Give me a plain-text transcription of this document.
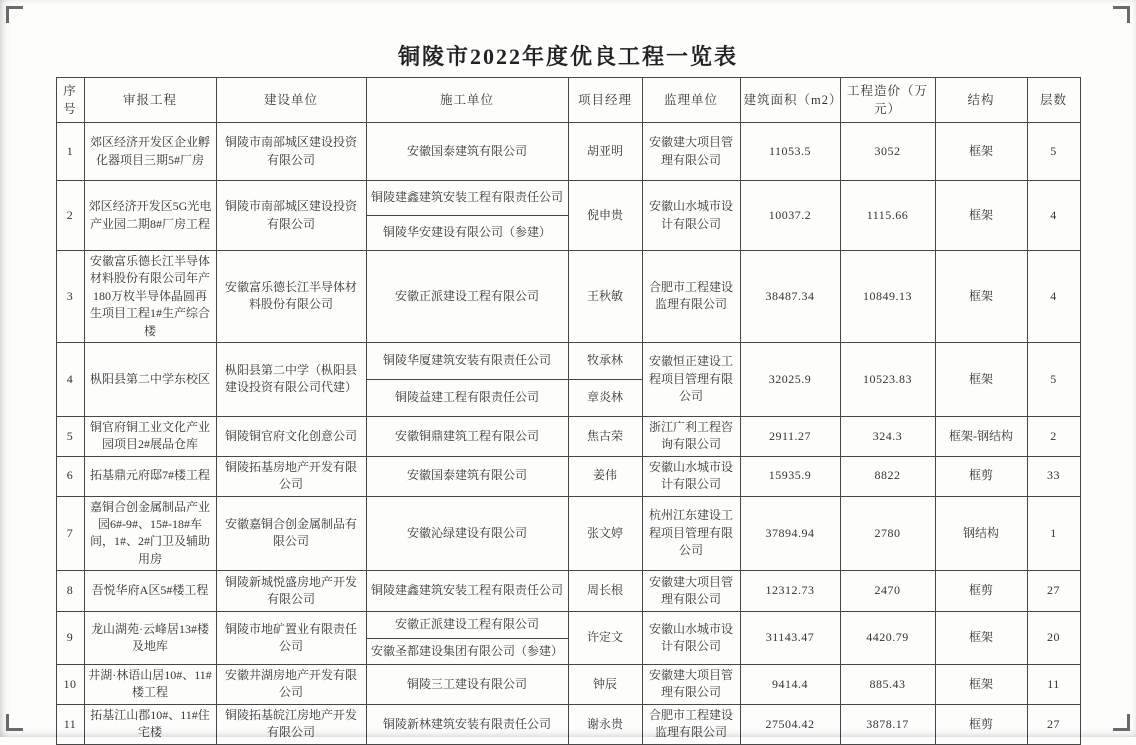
铜陵市2022年度优良工程一览表
序号	审报工程	建设单位	施工单位	项目经理	监理单位	建筑面积（m2）	工程造价（万元）	结构	层数
1	郊区经济开发区企业孵化器项目三期5#厂房	铜陵市南部城区建设投资有限公司	安徽国泰建筑有限公司	胡亚明	安徽建大项目管理有限公司	11053.5	3052	框架	5
2	郊区经济开发区5G光电产业园二期8#厂房工程	铜陵市南部城区建设投资有限公司	铜陵建鑫建筑安装工程有限责任公司	倪申贵	安徽山水城市设计有限公司	10037.2	1115.66	框架	4
			铜陵华安建设有限公司（参建）						
3	安徽富乐德长江半导体材料股份有限公司年产180万枚半导体晶圆再生项目工程1#生产综合楼	安徽富乐德长江半导体材料股份有限公司	安徽正派建设工程有限公司	王秋敏	合肥市工程建设监理有限公司	38487.34	10849.13	框架	4
4	枞阳县第二中学东校区	枞阳县第二中学（枞阳县建设投资有限公司代建）	铜陵华厦建筑安装有限责任公司	牧承林	安徽恒正建设工程项目管理有限公司	32025.9	10523.83	框架	5
			铜陵益建工程有限责任公司	章炎林					
5	铜官府铜工业文化产业园项目2#展品仓库	铜陵铜官府文化创意公司	安徽铜鼎建筑工程有限公司	焦古荣	浙江广利工程咨询有限公司	2911.27	324.3	框架-钢结构	2
6	拓基鼎元府邸7#楼工程	铜陵拓基房地产开发有限公司	安徽国泰建筑有限公司	姜伟	安徽山水城市设计有限公司	15935.9	8822	框剪	33
7	嘉铜合创金属制品产业园6#-9#、15#-18#车间，1#、2#门卫及辅助用房	安徽嘉铜合创金属制品有限公司	安徽沁绿建设有限公司	张文婷	杭州江东建设工程项目管理有限公司	37894.94	2780	钢结构	1
8	吾悦华府A区5#楼工程	铜陵新城悦盛房地产开发有限公司	铜陵建鑫建筑安装工程有限责任公司	周长根	安徽建大项目管理有限公司	12312.73	2470	框剪	27
9	龙山湖苑·云峰居13#楼及地库	铜陵市地矿置业有限责任公司	安徽正派建设工程有限公司	许定文	安徽山水城市设计有限公司	31143.47	4420.79	框架	20
			安徽圣都建设集团有限公司（参建）						
10	井湖·林语山居10#、11#楼工程	安徽井湖房地产开发有限公司	铜陵三工建设有限公司	钟辰	安徽建大项目管理有限公司	9414.4	885.43	框架	11
11	拓基江山郡10#、11#住宅楼	铜陵拓基皖江房地产开发有限公司	铜陵新林建筑安装有限责任公司	谢永贵	合肥市工程建设监理有限公司	27504.42	3878.17	框剪	27
